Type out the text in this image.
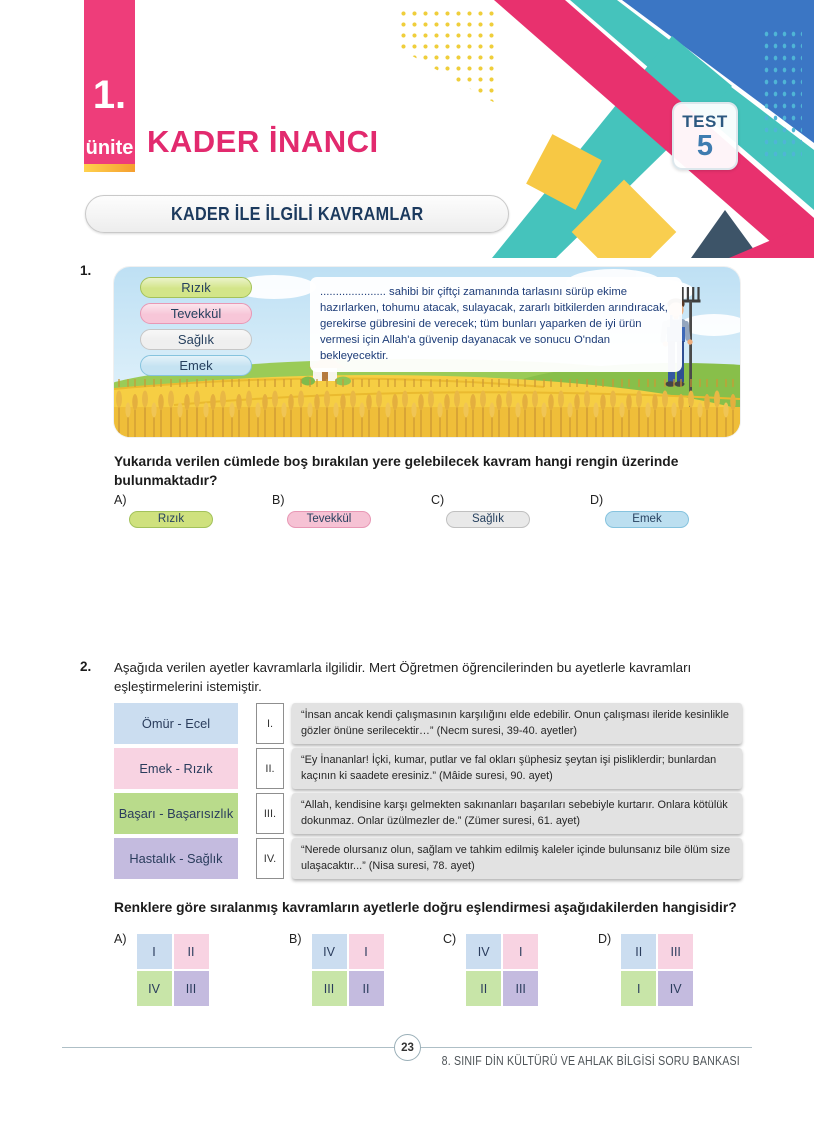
TEST
5
1.
ünite KADER İNANCI
KADER İLE İLGİLİ KAVRAMLAR
1.
Rızık
Tevekkül
Sağlık
Emek
..................... sahibi bir çiftçi zamanında tarlasını sürüp ekime hazırlarken, tohumu atacak, sulayacak, zararlı bitkilerden arındıracak, gerekirse gübresini de verecek; tüm bunları yaparken de iyi ürün vermesi için Allah'a güvenip dayanacak ve sonucu O'ndan bekleyecektir.
Yukarıda verilen cümlede boş bırakılan yere gelebilecek kavram hangi rengin üzerinde bulunmaktadır?
A)
Rızık
B)
Tevekkül
C)
Sağlık
D)
Emek
2. Aşağıda verilen ayetler kavramlarla ilgilidir. Mert Öğretmen öğrencilerinden bu ayetlerle kavramları eşleştirmelerini istemiştir.
Ömür - Ecel	I.
“İnsan ancak kendi çalışmasının karşılığını elde edebilir. Onun çalışması ileride kesinlikle gözler önüne serilecektir…” (Necm suresi, 39-40. ayetler)
Emek - Rızık	II.
“Ey İnananlar! İçki, kumar, putlar ve fal okları şüphesiz şeytan işi pisliklerdir; bunlardan kaçının ki saadete eresiniz.” (Mâide suresi, 90. ayet)
Başarı - Başarısızlık	III.
“Allah, kendisine karşı gelmekten sakınanları başarıları sebebiyle kurtarır. Onlara kötülük dokunmaz. Onlar üzülmezler de.” (Zümer suresi, 61. ayet)
Hastalık - Sağlık	IV.
“Nerede olursanız olun, sağlam ve tahkim edilmiş kaleler içinde bulunsanız bile ölüm size ulaşacaktır...” (Nisa suresi, 78. ayet)
Renklere göre sıralanmış kavramların ayetlerle doğru eşlendirmesi aşağıdakilerden hangisidir?
A)
I	II
IV	III
B)
IV	I
III	II
C)
IV	I
II	III
D)
II	III
I	IV
23
8. SINIF DİN KÜLTÜRÜ VE AHLAK BİLGİSİ SORU BANKASI
